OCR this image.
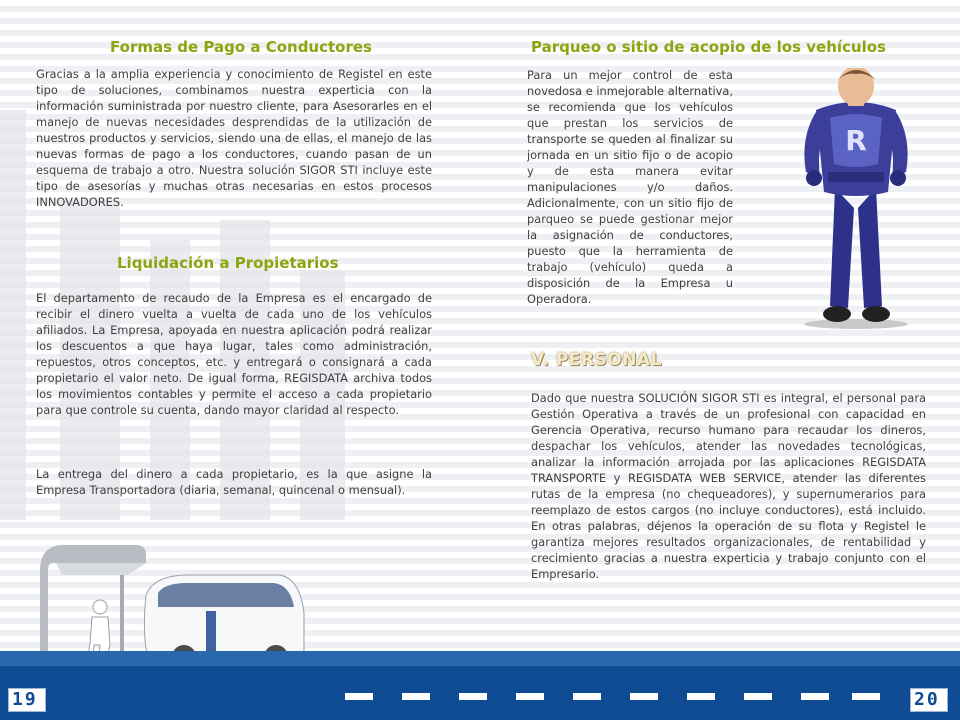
Formas de Pago a Conductores

Gracias a la amplia experiencia y conocimiento de Registel en este tipo de soluciones, combinamos nuestra experticia con la información suministrada por nuestro cliente, para Asesorarles en el manejo de nuevas necesidades desprendidas de la utilización de nuestros productos y servicios, siendo una de ellas, el manejo de las nuevas formas de pago a los conductores, cuando pasan de un esquema de trabajo a otro. Nuestra solución SIGOR STI incluye este tipo de asesorías y muchas otras necesarias en estos procesos INNOVADORES.

Liquidación a Propietarios

El departamento de recaudo de la Empresa es el encargado de recibir el dinero vuelta a vuelta de cada uno de los vehículos afiliados. La Empresa, apoyada en nuestra aplicación podrá realizar los descuentos a que haya lugar, tales como administración, repuestos, otros conceptos, etc. y entregará o consignará a cada propietario el valor neto. De igual forma, REGISDATA archiva todos los movimientos contables y permite el acceso a cada propietario para que controle su cuenta, dando mayor claridad al respecto.

La entrega del dinero a cada propietario, es la que asigne la Empresa Transportadora (diaria, semanal, quincenal o mensual).

Parqueo o sitio de acopio de los vehículos

Para un mejor control de esta novedosa e inmejorable alternativa, se recomienda que los vehículos que prestan los servicios de transporte se queden al finalizar su jornada en un sitio fijo o de acopio y de esta manera evitar manipulaciones y/o daños. Adicionalmente, con un sitio fijo de parqueo se puede gestionar mejor la asignación de conductores, puesto que la herramienta de trabajo (vehículo) queda a disposición de la Empresa u Operadora.

V. PERSONAL

Dado que nuestra SOLUCIÓN SIGOR STI es integral, el personal para Gestión Operativa a través de un profesional con capacidad en Gerencia Operativa, recurso humano para recaudar los dineros, despachar los vehículos, atender las novedades tecnológicas, analizar la información arrojada por las aplicaciones REGISDATA TRANSPORTE y REGISDATA WEB SERVICE, atender las diferentes rutas de la empresa (no chequeadores), y supernumerarios para reemplazo de estos cargos (no incluye conductores), está incluido. En otras palabras, déjenos la operación de su flota y Registel le garantiza mejores resultados organizacionales, de rentabilidad y crecimiento gracias a nuestra experticia y trabajo conjunto con el Empresario.

R
19	20
